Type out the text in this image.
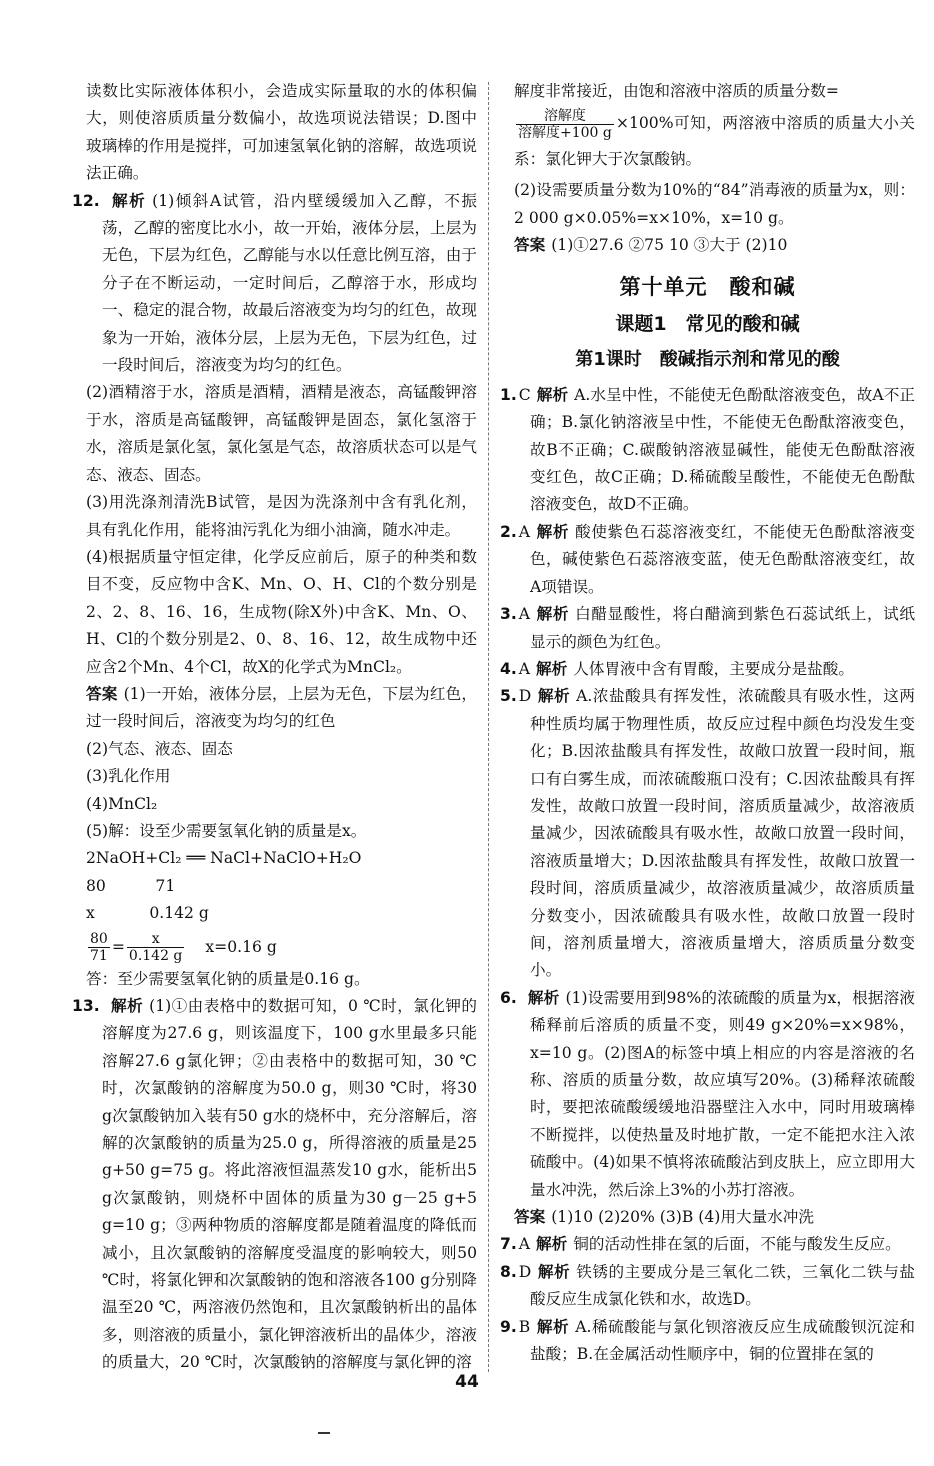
读数比实际液体体积小，会造成实际量取的水的体积偏大，则使溶质质量分数偏小，故选项说法错误；D.图中玻璃棒的作用是搅拌，可加速氢氧化钠的溶解，故选项说法正确。

12. 解析 (1)倾斜A试管，沿内壁缓缓加入乙醇，不振荡，乙醇的密度比水小，故一开始，液体分层，上层为无色，下层为红色，乙醇能与水以任意比例互溶，由于分子在不断运动，一定时间后，乙醇溶于水，形成均一、稳定的混合物，故最后溶液变为均匀的红色，故现象为一开始，液体分层，上层为无色，下层为红色，过一段时间后，溶液变为均匀的红色。

(2)酒精溶于水，溶质是酒精，酒精是液态，高锰酸钾溶于水，溶质是高锰酸钾，高锰酸钾是固态，氯化氢溶于水，溶质是氯化氢，氯化氢是气态，故溶质状态可以是气态、液态、固态。

(3)用洗涤剂清洗B试管，是因为洗涤剂中含有乳化剂，具有乳化作用，能将油污乳化为细小油滴，随水冲走。

(4)根据质量守恒定律，化学反应前后，原子的种类和数目不变，反应物中含K、Mn、O、H、Cl的个数分别是2、2、8、16、16，生成物(除X外)中含K、Mn、O、H、Cl的个数分别是2、0、8、16、12，故生成物中还应含2个Mn、4个Cl，故X的化学式为MnCl₂。

答案 (1)一开始，液体分层，上层为无色，下层为红色，过一段时间后，溶液变为均匀的红色

(2)气态、液态、固态

(3)乳化作用

(4)MnCl₂

(5)解：设至少需要氢氧化钠的质量是x。

2NaOH+Cl₂ ══ NaCl+NaClO+H₂O

80          71

x           0.142 g

$\frac{80}{71} = \frac{x}{0.142 g} x=0.16$ g

答：至少需要氢氧化钠的质量是0.16 g。

13. 解析 (1)①由表格中的数据可知，0 ℃时，氯化钾的溶解度为27.6 g，则该温度下，100 g水里最多只能溶解27.6 g氯化钾；②由表格中的数据可知，30 ℃时，次氯酸钠的溶解度为50.0 g，则30 ℃时，将30 g次氯酸钠加入装有50 g水的烧杯中，充分溶解后，溶解的次氯酸钠的质量为25.0 g，所得溶液的质量是25 g+50 g=75 g。将此溶液恒温蒸发10 g水，能析出5 g次氯酸钠，则烧杯中固体的质量为30 g－25 g+5 g=10 g；③两种物质的溶解度都是随着温度的降低而减小，且次氯酸钠的溶解度受温度的影响较大，则50 ℃时，将氯化钾和次氯酸钠的饱和溶液各100 g分别降温至20 ℃，两溶液仍然饱和，且次氯酸钠析出的晶体多，则溶液的质量小，氯化钾溶液析出的晶体少，溶液的质量大，20 ℃时，次氯酸钠的溶解度与氯化钾的溶

解度非常接近，由饱和溶液中溶质的质量分数=

$\frac{\text{溶解度}}{\text{溶解度+100 g}} \times 100\%$可知，两溶液中溶质的质量大小关系：氯化钾大于次氯酸钠。

(2)设需要质量分数为10%的“84”消毒液的质量为x，则：2 000 g×0.05%=x×10%，x=10 g。

答案 (1)①27.6 ②75 10 ③大于 (2)10

第十单元　酸和碱
课题1　常见的酸和碱
第1课时　酸碱指示剂和常见的酸
1. C 解析 A.水呈中性，不能使无色酚酞溶液变色，故A不正确；B.氯化钠溶液呈中性，不能使无色酚酞溶液变色，故B不正确；C.碳酸钠溶液显碱性，能使无色酚酞溶液变红色，故C正确；D.稀硫酸呈酸性，不能使无色酚酞溶液变色，故D不正确。
2. A 解析 酸使紫色石蕊溶液变红，不能使无色酚酞溶液变色，碱使紫色石蕊溶液变蓝，使无色酚酞溶液变红，故A项错误。
3. A 解析 白醋显酸性，将白醋滴到紫色石蕊试纸上，试纸显示的颜色为红色。
4. A 解析 人体胃液中含有胃酸，主要成分是盐酸。
5. D 解析 A.浓盐酸具有挥发性，浓硫酸具有吸水性，这两种性质均属于物理性质，故反应过程中颜色均没发生变化；B.因浓盐酸具有挥发性，故敞口放置一段时间，瓶口有白雾生成，而浓硫酸瓶口没有；C.因浓盐酸具有挥发性，故敞口放置一段时间，溶质质量减少，故溶液质量减少，因浓硫酸具有吸水性，故敞口放置一段时间，溶液质量增大；D.因浓盐酸具有挥发性，故敞口放置一段时间，溶质质量减少，故溶液质量减少，故溶质质量分数变小，因浓硫酸具有吸水性，故敞口放置一段时间，溶剂质量增大，溶液质量增大，溶质质量分数变小。
6. 解析 (1)设需要用到98%的浓硫酸的质量为x，根据溶液稀释前后溶质的质量不变，则49 g×20%=x×98%，x=10 g。(2)图A的标签中填上相应的内容是溶液的名称、溶质的质量分数，故应填写20%。(3)稀释浓硫酸时，要把浓硫酸缓缓地沿器壁注入水中，同时用玻璃棒不断搅拌，以使热量及时地扩散，一定不能把水注入浓硫酸中。(4)如果不慎将浓硫酸沾到皮肤上，应立即用大量水冲洗，然后涂上3%的小苏打溶液。

答案 (1)10 (2)20% (3)B (4)用大量水冲洗

7. A 解析 铜的活动性排在氢的后面，不能与酸发生反应。
8. D 解析 铁锈的主要成分是三氧化二铁，三氧化二铁与盐酸反应生成氯化铁和水，故选D。
9. B 解析 A.稀硫酸能与氯化钡溶液反应生成硫酸钡沉淀和盐酸；B.在金属活动性顺序中，铜的位置排在氢的
44
